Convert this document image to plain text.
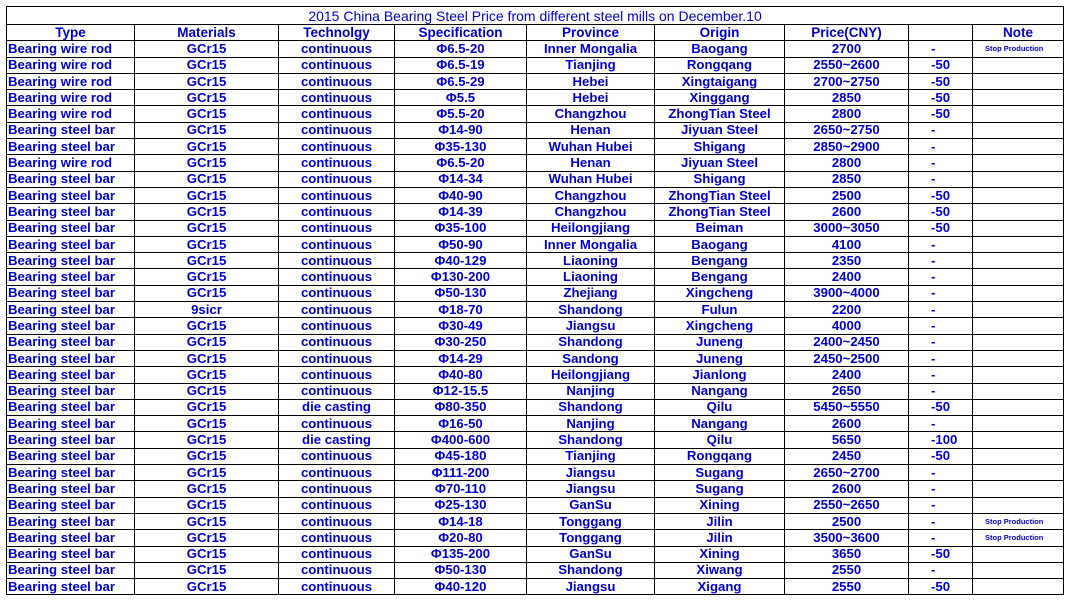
2015 China Bearing Steel Price from different steel mills on December.10								
Type	Materials	Technolgy	Specification	Province	Origin	Price(CNY)		Note
Bearing wire rod	GCr15	continuous	Φ6.5-20	Inner Mongalia	Baogang	2700	-	Stop Production
Bearing wire rod	GCr15	continuous	Φ6.5-19	Tianjing	Rongqang	2550~2600	-50	
Bearing wire rod	GCr15	continuous	Φ6.5-29	Hebei	Xingtaigang	2700~2750	-50	
Bearing wire rod	GCr15	continuous	Φ5.5	Hebei	Xinggang	2850	-50	
Bearing wire rod	GCr15	continuous	Φ5.5-20	Changzhou	ZhongTian Steel	2800	-50	
Bearing steel bar	GCr15	continuous	Φ14-90	Henan	Jiyuan Steel	2650~2750	-	
Bearing steel bar	GCr15	continuous	Φ35-130	Wuhan Hubei	Shigang	2850~2900	-	
Bearing wire rod	GCr15	continuous	Φ6.5-20	Henan	Jiyuan Steel	2800	-	
Bearing steel bar	GCr15	continuous	Φ14-34	Wuhan Hubei	Shigang	2850	-	
Bearing steel bar	GCr15	continuous	Φ40-90	Changzhou	ZhongTian Steel	2500	-50	
Bearing steel bar	GCr15	continuous	Φ14-39	Changzhou	ZhongTian Steel	2600	-50	
Bearing steel bar	GCr15	continuous	Φ35-100	Heilongjiang	Beiman	3000~3050	-50	
Bearing steel bar	GCr15	continuous	Φ50-90	Inner Mongalia	Baogang	4100	-	
Bearing steel bar	GCr15	continuous	Φ40-129	Liaoning	Bengang	2350	-	
Bearing steel bar	GCr15	continuous	Φ130-200	Liaoning	Bengang	2400	-	
Bearing steel bar	GCr15	continuous	Φ50-130	Zhejiang	Xingcheng	3900~4000	-	
Bearing steel bar	9sicr	continuous	Φ18-70	Shandong	Fulun	2200	-	
Bearing steel bar	GCr15	continuous	Φ30-49	Jiangsu	Xingcheng	4000	-	
Bearing steel bar	GCr15	continuous	Φ30-250	Shandong	Juneng	2400~2450	-	
Bearing steel bar	GCr15	continuous	Φ14-29	Sandong	Juneng	2450~2500	-	
Bearing steel bar	GCr15	continuous	Φ40-80	Heilongjiang	Jianlong	2400	-	
Bearing steel bar	GCr15	continuous	Φ12-15.5	Nanjing	Nangang	2650	-	
Bearing steel bar	GCr15	die casting	Φ80-350	Shandong	Qilu	5450~5550	-50	
Bearing steel bar	GCr15	continuous	Φ16-50	Nanjing	Nangang	2600	-	
Bearing steel bar	GCr15	die casting	Φ400-600	Shandong	Qilu	5650	-100	
Bearing steel bar	GCr15	continuous	Φ45-180	Tianjing	Rongqang	2450	-50	
Bearing steel bar	GCr15	continuous	Φ111-200	Jiangsu	Sugang	2650~2700	-	
Bearing steel bar	GCr15	continuous	Φ70-110	Jiangsu	Sugang	2600	-	
Bearing steel bar	GCr15	continuous	Φ25-130	GanSu	Xining	2550~2650	-	
Bearing steel bar	GCr15	continuous	Φ14-18	Tonggang	Jilin	2500	-	Stop Production
Bearing steel bar	GCr15	continuous	Φ20-80	Tonggang	Jilin	3500~3600	-	Stop Production
Bearing steel bar	GCr15	continuous	Φ135-200	GanSu	Xining	3650	-50	
Bearing steel bar	GCr15	continuous	Φ50-130	Shandong	Xiwang	2550	-	
Bearing steel bar	GCr15	continuous	Φ40-120	Jiangsu	Xigang	2550	-50	
